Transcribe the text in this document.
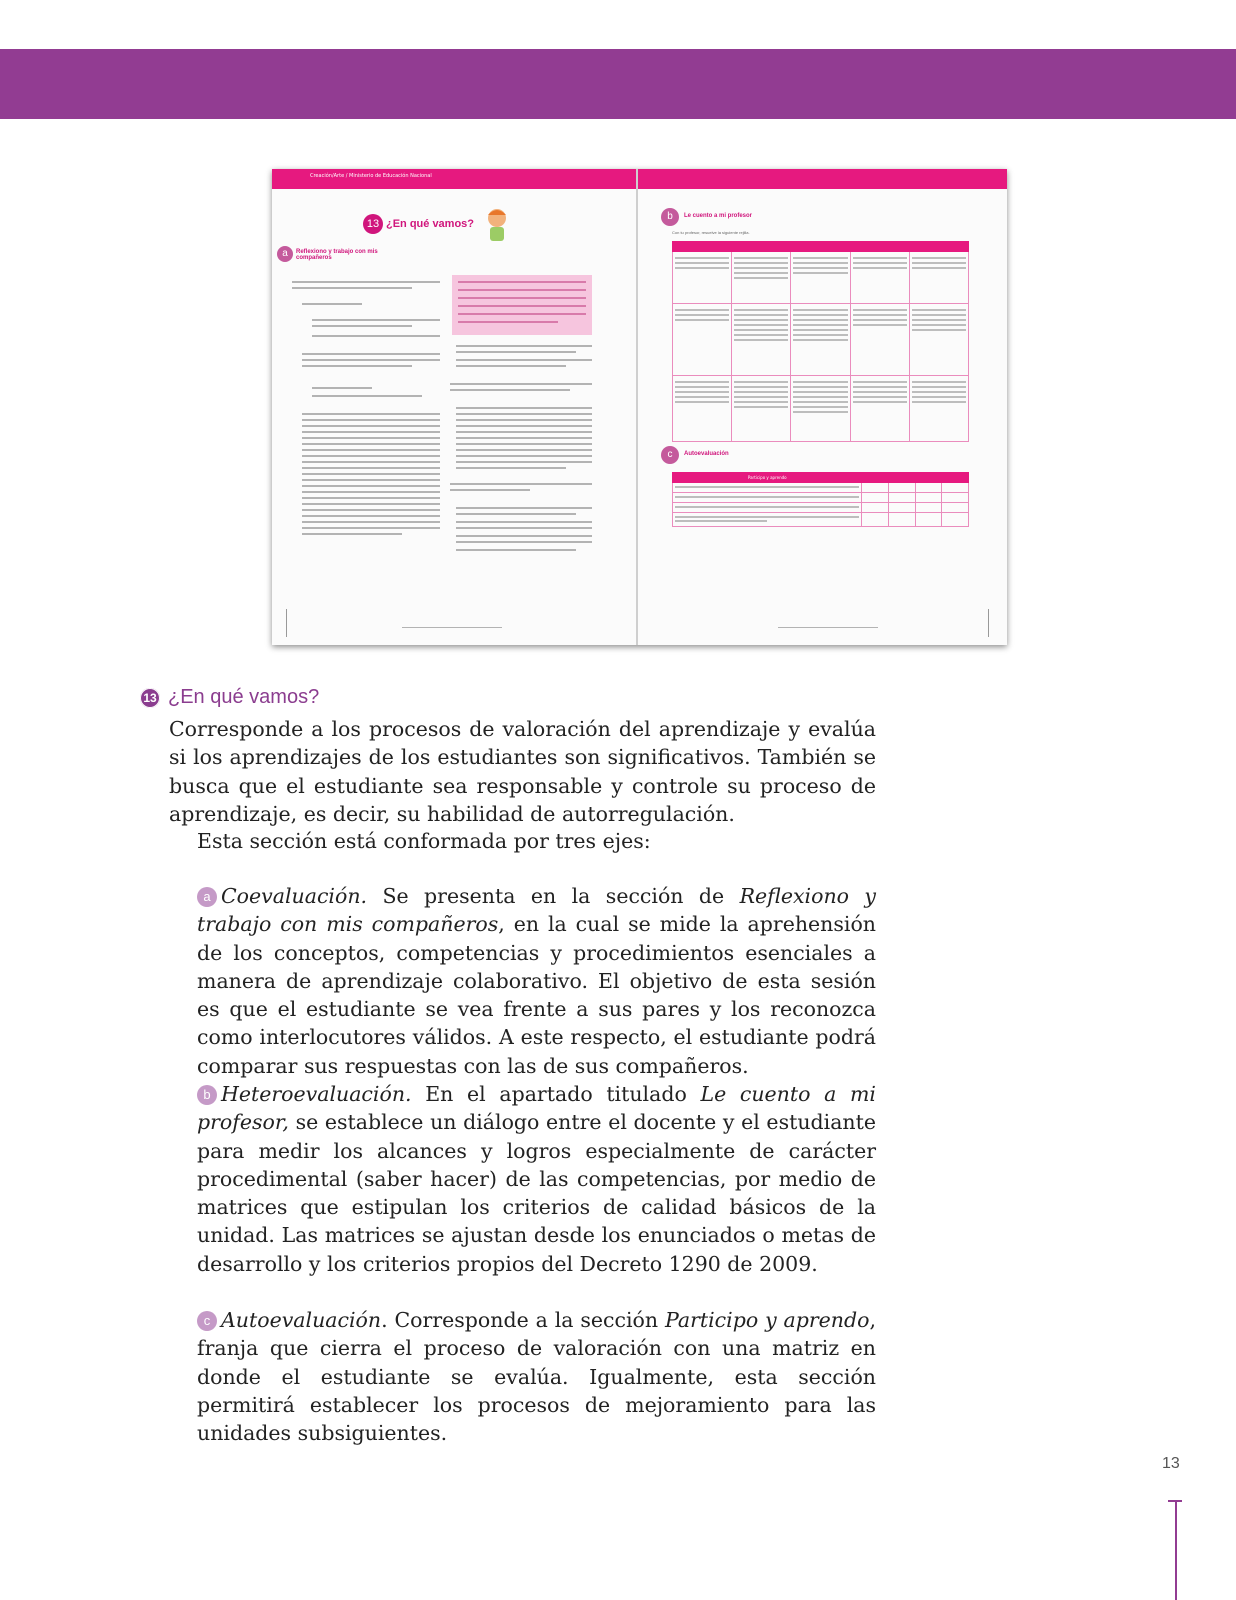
Creación/Arte / Ministerio de Educación Nacional
13 ¿En qué vamos?
a	Reflexiono y trabajo con mis compañeros
b	Le cuento a mi profesor
Con tu profesor, resuelve la siguiente rejilla.

c	Autoevaluación
Participo y aprendo				

13 ¿En qué vamos?

Corresponde a los procesos de valoración del aprendizaje y evalúa si los aprendizajes de los estudiantes son significativos. También se busca que el estudiante sea responsable y controle su proceso de aprendizaje, es decir, su habilidad de autorregulación.

Esta sección está conformada por tres ejes:

a Coevaluación. Se presenta en la sección de Reflexiono y trabajo con mis compañeros, en la cual se mide la aprehensión de los conceptos, competencias y procedimientos esenciales a manera de aprendizaje colaborativo. El objetivo de esta sesión es que el estudiante se vea frente a sus pares y los reconozca como interlocutores válidos. A este respecto, el estudiante podrá comparar sus respuestas con las de sus compañeros.

b Heteroevaluación. En el apartado titulado Le cuento a mi profesor, se establece un diálogo entre el docente y el estudiante para medir los alcances y logros especialmente de carácter procedimental (saber hacer) de las competencias, por medio de matrices que estipulan los criterios de calidad básicos de la unidad. Las matrices se ajustan desde los enunciados o metas de desarrollo y los criterios propios del Decreto 1290 de 2009.

c Autoevaluación. Corresponde a la sección Participo y aprendo, franja que cierra el proceso de valoración con una matriz en donde el estudiante se evalúa. Igualmente, esta sección permitirá establecer los procesos de mejoramiento para las unidades subsiguientes.

13
